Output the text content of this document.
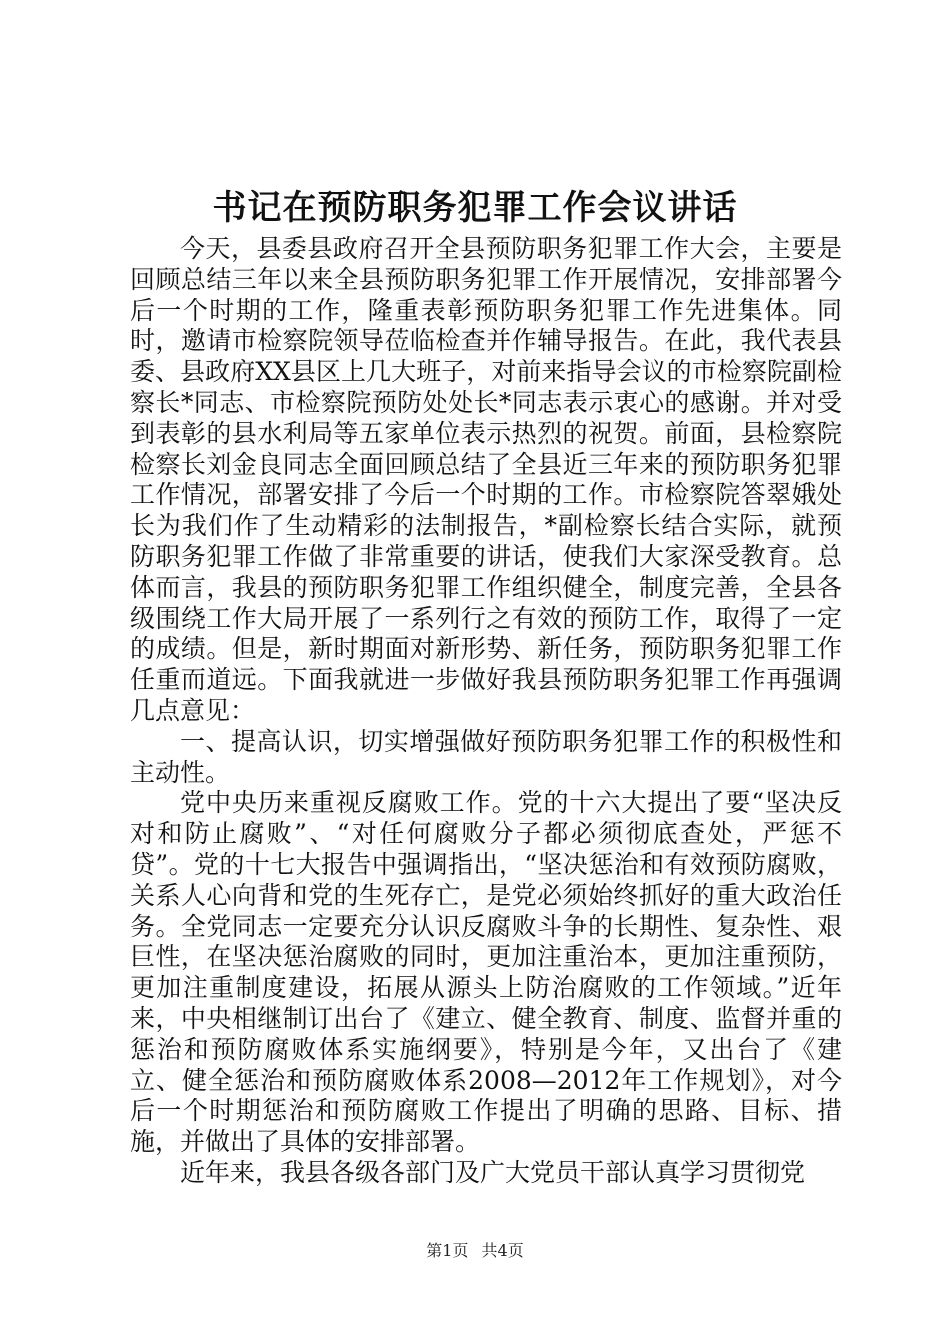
书记在预防职务犯罪工作会议讲话

今天，县委县政府召开全县预防职务犯罪工作大会，主要是回顾总结三年以来全县预防职务犯罪工作开展情况，安排部署今后一个时期的工作，隆重表彰预防职务犯罪工作先进集体。同时，邀请市检察院领导莅临检查并作辅导报告。在此，我代表县委、县政府XX县区上几大班子，对前来指导会议的市检察院副检察长*同志、市检察院预防处处长*同志表示衷心的感谢。并对受到表彰的县水利局等五家单位表示热烈的祝贺。前面，县检察院检察长刘金良同志全面回顾总结了全县近三年来的预防职务犯罪工作情况，部署安排了今后一个时期的工作。市检察院答翠娥处长为我们作了生动精彩的法制报告，*副检察长结合实际，就预防职务犯罪工作做了非常重要的讲话，使我们大家深受教育。总体而言，我县的预防职务犯罪工作组织健全，制度完善，全县各级围绕工作大局开展了一系列行之有效的预防工作，取得了一定的成绩。但是，新时期面对新形势、新任务，预防职务犯罪工作任重而道远。下面我就进一步做好我县预防职务犯罪工作再强调几点意见：

一、提高认识，切实增强做好预防职务犯罪工作的积极性和主动性。

党中央历来重视反腐败工作。党的十六大提出了要“坚决反对和防止腐败”、“对任何腐败分子都必须彻底查处，严惩不贷”。党的十七大报告中强调指出，“坚决惩治和有效预防腐败，关系人心向背和党的生死存亡，是党必须始终抓好的重大政治任务。全党同志一定要充分认识反腐败斗争的长期性、复杂性、艰巨性，在坚决惩治腐败的同时，更加注重治本，更加注重预防，更加注重制度建设，拓展从源头上防治腐败的工作领域。”近年来，中央相继制订出台了《建立、健全教育、制度、监督并重的惩治和预防腐败体系实施纲要》，特别是今年，又出台了《建立、健全惩治和预防腐败体系2008—2012年工作规划》，对今后一个时期惩治和预防腐败工作提出了明确的思路、目标、措施，并做出了具体的安排部署。

近年来，我县各级各部门及广大党员干部认真学习贯彻党

第1页 共4页
